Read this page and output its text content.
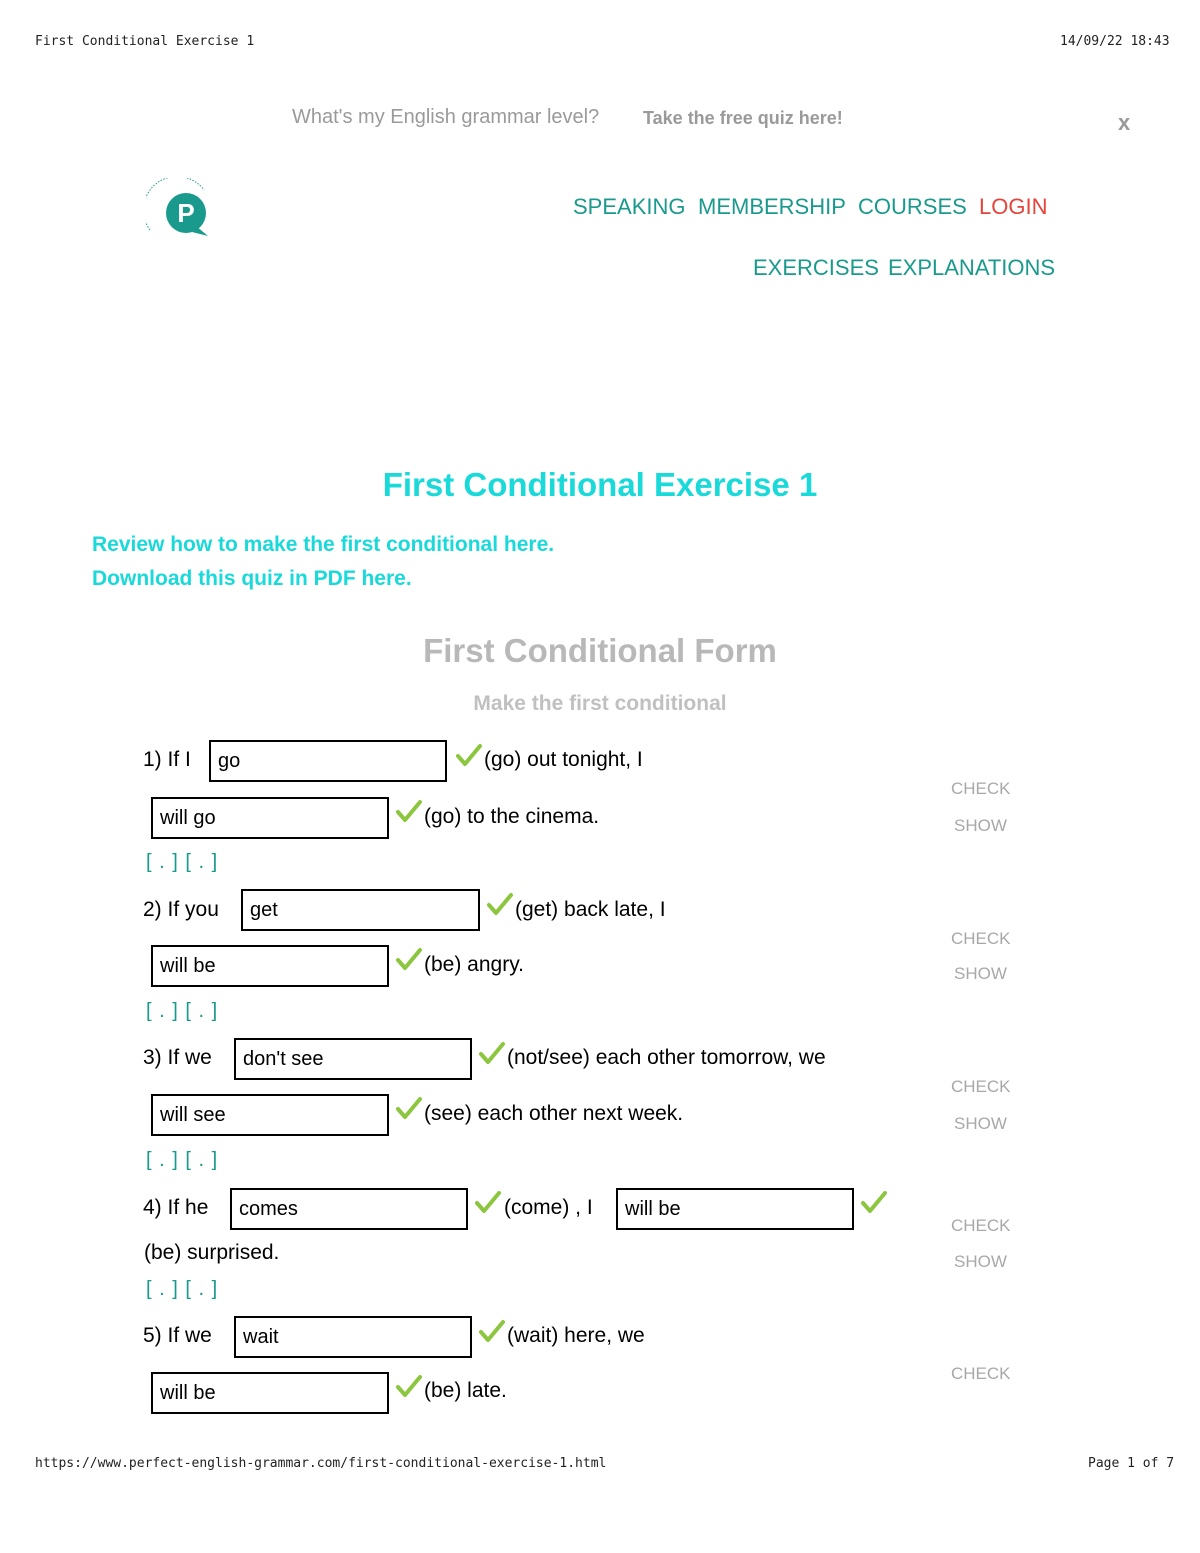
First Conditional Exercise 1	14/09/22 18:43
What's my English grammar level? Take the free quiz here!	x
P	SPEAKING MEMBERSHIP COURSES LOGIN
EXERCISES EXPLANATIONS
First Conditional Exercise 1
Review how to make the first conditional here.
Download this quiz in PDF here.
First Conditional Form
Make the first conditional
1) If I
go	(go) out tonight, I
will go
(go) to the cinema.
[ . ] [ . ]
CHECK
SHOW
2) If you
get	(get) back late, I
will be
(be) angry.
[ . ] [ . ]
CHECK
SHOW
3) If we
don't see	(not/see) each other tomorrow, we
will see
(see) each other next week.
[ . ] [ . ]
CHECK
SHOW
4) If he
comes	(come) , I
will be
(be) surprised.
[ . ] [ . ]
CHECK
SHOW
5) If we
wait	(wait) here, we
will be
(be) late.
CHECK
https://www.perfect-english-grammar.com/first-conditional-exercise-1.html	Page 1 of 7
